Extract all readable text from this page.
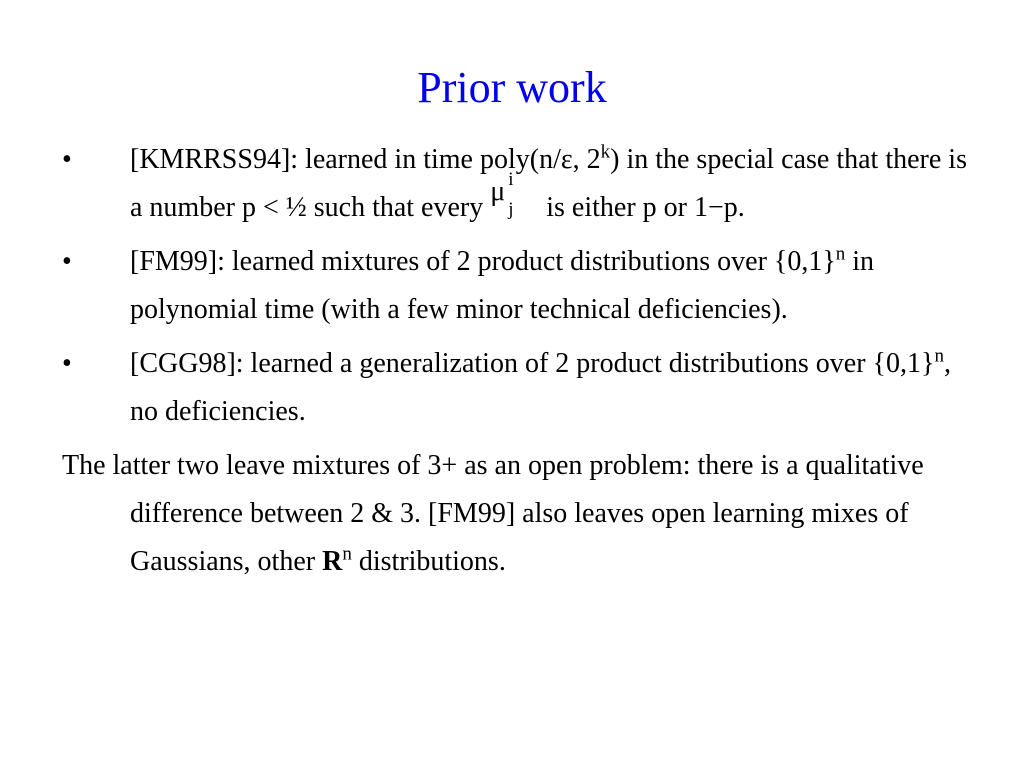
Prior work
• [KMRRSS94]: learned in time poly(n/ε, 2$^k$) in the special case that there is a number p < ½ such that every
μ i
j is either p or 1−p.
• [FM99]: learned mixtures of 2 product distributions over $\{0,1\}^n$ in polynomial time (with a few minor technical deficiencies).
• [CGG98]: learned a generalization of 2 product distributions over $\{0,1\}^n$, no deficiencies.
The latter two leave mixtures of 3+ as an open problem: there is a qualitative difference between 2 & 3. [FM99] also leaves open learning mixes of Gaussians, other $R^n$ distributions.
